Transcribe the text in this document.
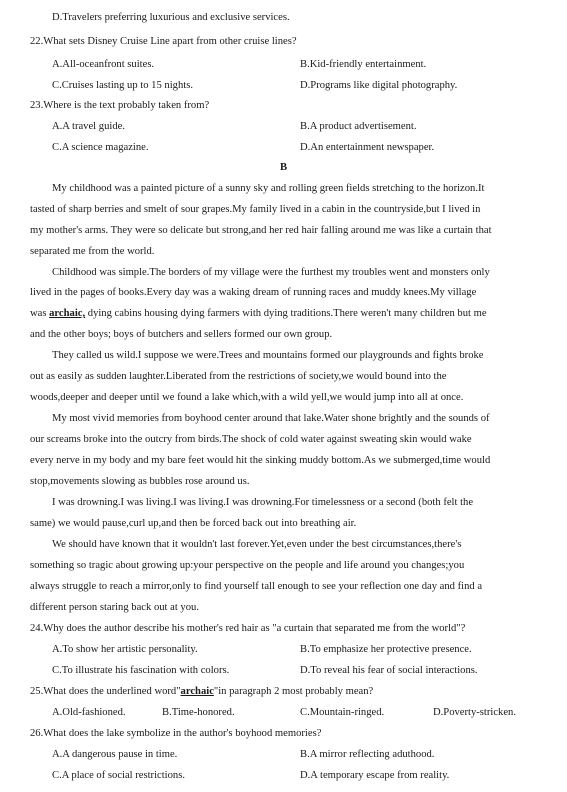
D.Travelers preferring luxurious and exclusive services.
22.What sets Disney Cruise Line apart from other cruise lines?
A.All-oceanfront suites.	B.Kid-friendly entertainment.
C.Cruises lasting up to 15 nights.	D.Programs like digital photography.
23.Where is the text probably taken from?
A.A travel guide.	B.A product advertisement.
C.A science magazine.	D.An entertainment newspaper.
B
My childhood was a painted picture of a sunny sky and rolling green fields stretching to the horizon.It
tasted of sharp berries and smelt of sour grapes.My family lived in a cabin in the countryside,but I lived in
my mother's arms. They were so delicate but strong,and her red hair falling around me was like a curtain that
separated me from the world.
Childhood was simple.The borders of my village were the furthest my troubles went and monsters only
lived in the pages of books.Every day was a waking dream of running races and muddy knees.My village
was archaic, dying cabins housing dying farmers with dying traditions.There weren't many children but me
and the other boys; boys of butchers and sellers formed our own group.
They called us wild.I suppose we were.Trees and mountains formed our playgrounds and fights broke
out as easily as sudden laughter.Liberated from the restrictions of society,we would bound into the
woods,deeper and deeper until we found a lake which,with a wild yell,we would jump into all at once.
My most vivid memories from boyhood center around that lake.Water shone brightly and the sounds of
our screams broke into the outcry from birds.The shock of cold water against sweating skin would wake
every nerve in my body and my bare feet would hit the sinking muddy bottom.As we submerged,time would
stop,movements slowing as bubbles rose around us.
I was drowning.I was living.I was living.I was drowning.For timelessness or a second (both felt the
same) we would pause,curl up,and then be forced back out into breathing air.
We should have known that it wouldn't last forever.Yet,even under the best circumstances,there's
something so tragic about growing up:your perspective on the people and life around you changes;you
always struggle to reach a mirror,only to find yourself tall enough to see your reflection one day and find a
different person staring back out at you.
24.Why does the author describe his mother's red hair as "a curtain that separated me from the world"?
A.To show her artistic personality.	B.To emphasize her protective presence.
C.To illustrate his fascination with colors.	D.To reveal his fear of social interactions.
25.What does the underlined word"archaic"in paragraph 2 most probably mean?
A.Old-fashioned.	B.Time-honored.	C.Mountain-ringed.	D.Poverty-stricken.
26.What does the lake symbolize in the author's boyhood memories?
A.A dangerous pause in time.	B.A mirror reflecting aduthood.
C.A place of social restrictions.	D.A temporary escape from reality.
